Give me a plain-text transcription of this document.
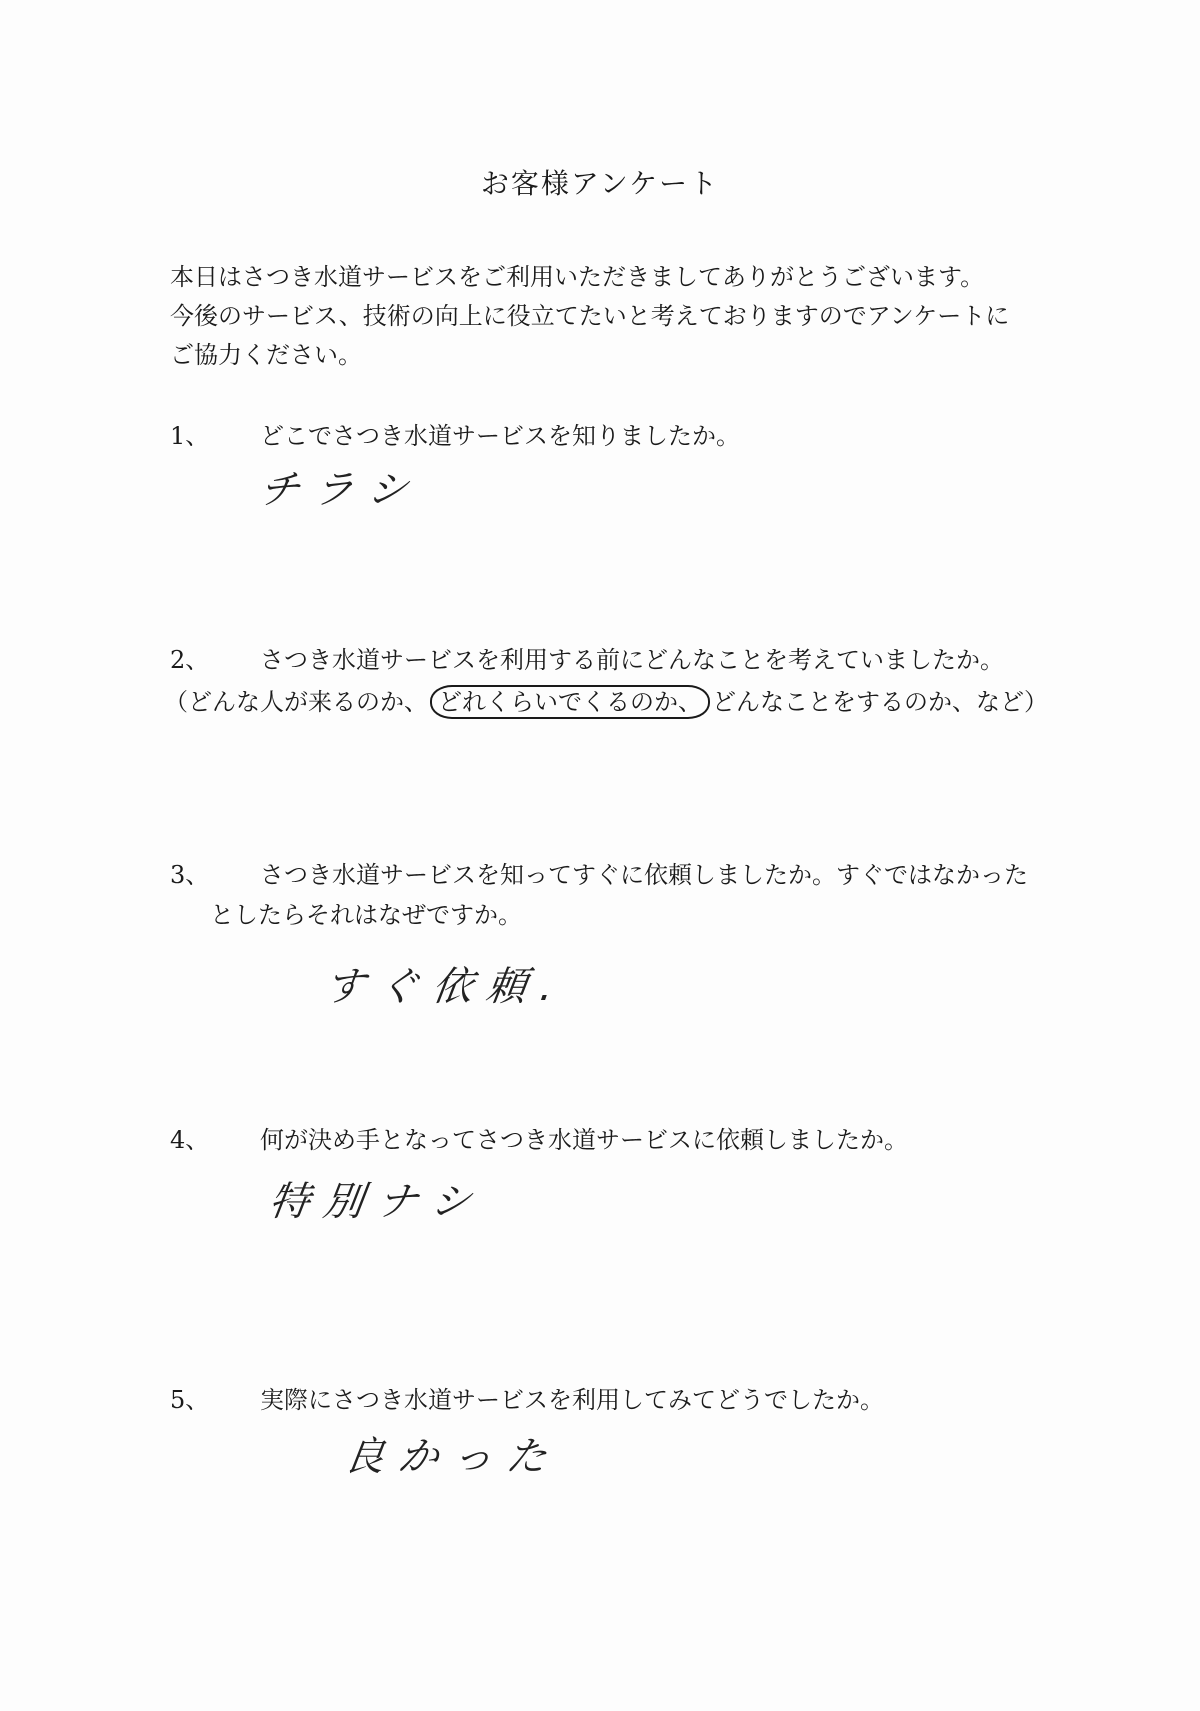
お客様アンケート

本日はさつき水道サービスをご利用いただきましてありがとうございます。

今後のサービス、技術の向上に役立てたいと考えておりますのでアンケートに

ご協力ください。

1、 どこでさつき水道サービスを知りましたか。
チラシ
2、 さつき水道サービスを利用する前にどんなことを考えていましたか。
（どんな人が来るのか、 どれくらいでくるのか、 どんなことをするのか、など）
3、 さつき水道サービスを知ってすぐに依頼しましたか。すぐではなかった
としたらそれはなぜですか。
すぐ依頼.
4、 何が決め手となってさつき水道サービスに依頼しましたか。
特別ナシ
5、 実際にさつき水道サービスを利用してみてどうでしたか。
良かった
